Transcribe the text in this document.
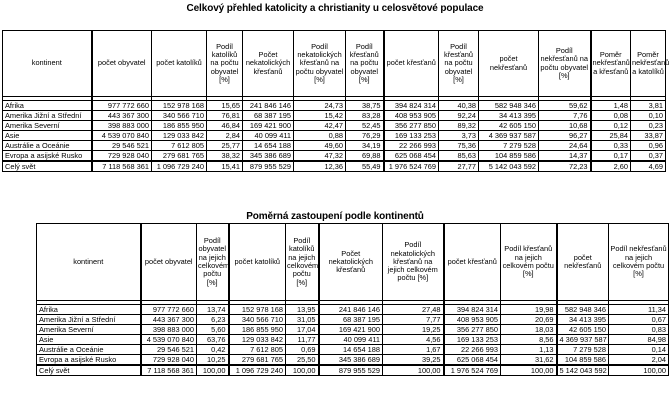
Celkový přehled katolicity a christianity u celosvětové populace
kontinent	počet obyvatel	počet katolíků	Podíl katolíků na počtu obyvatel [%]	Počet nekatolických křesťanů	Podíl nekatolických křesťanů na počtu obyvatel [%]	Podíl křesťanů na počtu obyvatel [%]	počet křesťanů	Podíl křesťanů na počtu obyvatel [%]	počet nekřesťanů	Podíl nekřesťanů na počtu obyvatel [%]	Poměr nekřesťanů a křesťanů	Poměr nekřesťanů a katolíků

Afrika	977 772 660	152 978 168	15,65	241 846 146	24,73	38,75	394 824 314	40,38	582 948 346	59,62	1,48	3,81
Amerika Jižní a Střední	443 367 300	340 566 710	76,81	68 387 195	15,42	83,28	408 953 905	92,24	34 413 395	7,76	0,08	0,10
Amerika Severní	398 883 000	186 855 950	46,84	169 421 900	42,47	52,45	356 277 850	89,32	42 605 150	10,68	0,12	0,23
Asie	4 539 070 840	129 033 842	2,84	40 099 411	0,88	76,29	169 133 253	3,73	4 369 937 587	96,27	25,84	33,87
Austrálie a Oceánie	29 546 521	7 612 805	25,77	14 654 188	49,60	34,19	22 266 993	75,36	7 279 528	24,64	0,33	0,96
Evropa a asijské Rusko	729 928 040	279 681 765	38,32	345 386 689	47,32	69,88	625 068 454	85,63	104 859 586	14,37	0,17	0,37
Celý svět	7 118 568 361	1 096 729 240	15,41	879 955 529	12,36	55,49	1 976 524 769	27,77	5 142 043 592	72,23	2,60	4,69
Poměrná zastoupení podle kontinentů
kontinent	počet obyvatel	Podíl obyvatel na jejich celkovém počtu [%]	počet katolíků	Podíl katolíků na jejich celkovém počtu [%]	Počet nekatolických křesťanů	Podíl nekatolických křesťanů na jejich celkovém počtu [%]	počet křesťanů	Podíl křesťanů na jejich celkovém počtu [%]	počet nekřesťanů	Podíl nekřesťanů na jejich celkovém počtu [%]

Afrika	977 772 660	13,74	152 978 168	13,95	241 846 146	27,48	394 824 314	19,98	582 948 346	11,34
Amerika Jižní a Střední	443 367 300	6,23	340 566 710	31,05	68 387 195	7,77	408 953 905	20,69	34 413 395	0,67
Amerika Severní	398 883 000	5,60	186 855 950	17,04	169 421 900	19,25	356 277 850	18,03	42 605 150	0,83
Asie	4 539 070 840	63,76	129 033 842	11,77	40 099 411	4,56	169 133 253	8,56	4 369 937 587	84,98
Austrálie a Oceánie	29 546 521	0,42	7 612 805	0,69	14 654 188	1,67	22 266 993	1,13	7 279 528	0,14
Evropa a asijské Rusko	729 928 040	10,25	279 681 765	25,50	345 386 689	39,25	625 068 454	31,62	104 859 586	2,04
Celý svět	7 118 568 361	100,00	1 096 729 240	100,00	879 955 529	100,00	1 976 524 769	100,00	5 142 043 592	100,00
